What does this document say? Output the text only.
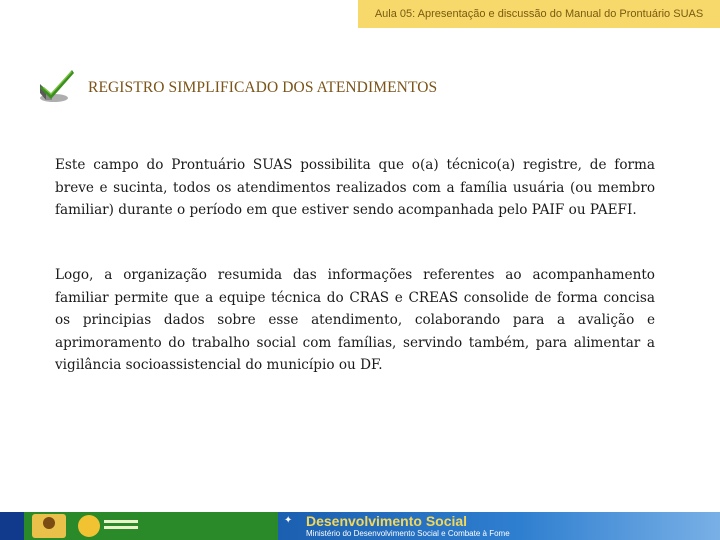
Aula 05: Apresentação e discussão do Manual do Prontuário SUAS
REGISTRO SIMPLIFICADO DOS ATENDIMENTOS

Este campo do Prontuário SUAS possibilita que o(a) técnico(a) registre, de forma breve e sucinta, todos os atendimentos realizados com a família usuária (ou membro familiar) durante o período em que estiver sendo acompanhada pelo PAIF ou PAEFI.

Logo, a organização resumida das informações referentes ao acompanhamento familiar permite que a equipe técnica do CRAS e CREAS consolide de forma concisa os principias dados sobre esse atendimento, colaborando para a avalição e aprimoramento do trabalho social com famílias, servindo também, para alimentar a vigilância socioassistencial do município ou DF.

✦ Desenvolvimento Social
Ministério do Desenvolvimento Social e Combate à Fome
